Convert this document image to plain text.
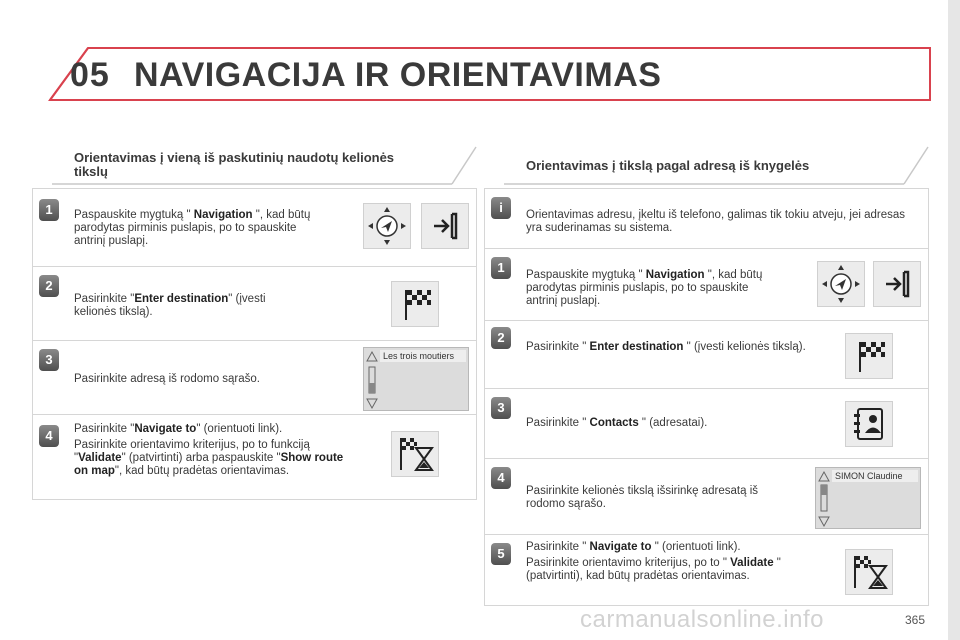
05 NAVIGACIJA IR ORIENTAVIMAS
Orientavimas į vieną iš paskutinių naudotų kelionės tikslų
1	Paspauskite mygtuką " Navigation ", kad būtų parodytas pirminis puslapis, po to spauskite antrinį puslapį.

2

Pasirinkite "Enter destination" (įvesti kelionės tikslą).

3
Pasirinkite adresą iš rodomo sąrašo.
Les trois moutiers
4	Pasirinkite "Navigate to" (orientuoti link).

Pasirinkite orientavimo kriterijus, po to funkciją "Validate" (patvirtinti) arba paspauskite "Show route on map", kad būtų pradėtas orientavimas.

Orientavimas į tikslą pagal adresą iš knygelės
i	Orientavimas adresu, įkeltu iš telefono, galimas tik tokiu atveju, jei adresas yra suderinamas su sistema.
1	Paspauskite mygtuką " Navigation ", kad būtų parodytas pirminis puslapis, po to spauskite antrinį puslapį.

2

Pasirinkite " Enter destination " (įvesti kelionės tikslą).

3

Pasirinkite " Contacts " (adresatai).

4
Pasirinkite kelionės tikslą išsirinkę adresatą iš rodomo sąrašo.
SIMON Claudine
5	Pasirinkite " Navigate to " (orientuoti link).

Pasirinkite orientavimo kriterijus, po to " Validate " (patvirtinti), kad būtų pradėtas orientavimas.

carmanualsonline.info	365
